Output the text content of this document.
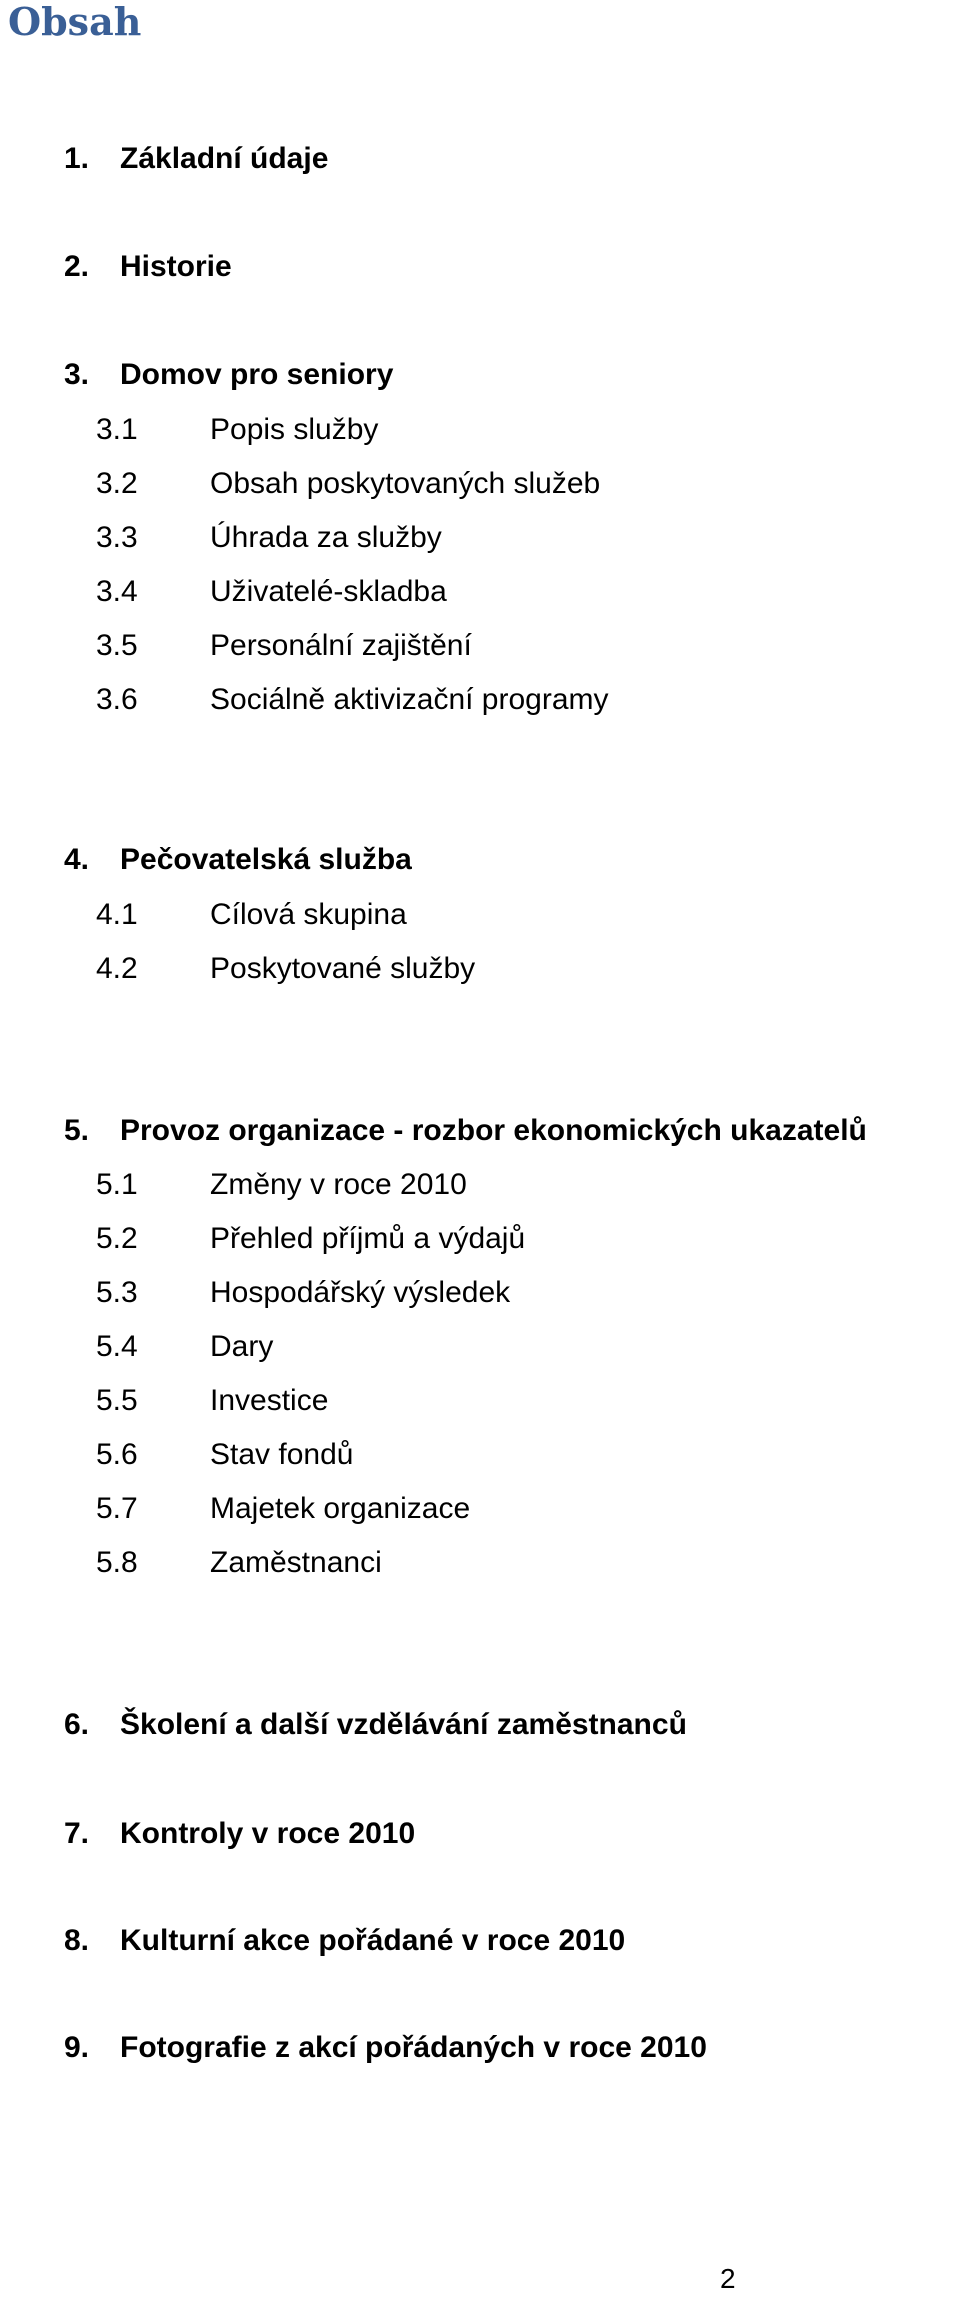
Obsah
1. Základní údaje
2. Historie
3. Domov pro seniory
3.1 Popis služby
3.2 Obsah poskytovaných služeb
3.3 Úhrada za služby
3.4 Uživatelé-skladba
3.5 Personální zajištění
3.6 Sociálně aktivizační programy
4. Pečovatelská služba
4.1 Cílová skupina
4.2 Poskytované služby
5. Provoz organizace - rozbor ekonomických ukazatelů
5.1 Změny v roce 2010
5.2 Přehled příjmů a výdajů
5.3 Hospodářský výsledek
5.4 Dary
5.5 Investice
5.6 Stav fondů
5.7 Majetek organizace
5.8 Zaměstnanci
6. Školení a další vzdělávání zaměstnanců
7. Kontroly v roce 2010
8. Kulturní akce pořádané v roce 2010
9. Fotografie z akcí pořádaných v roce 2010
2
